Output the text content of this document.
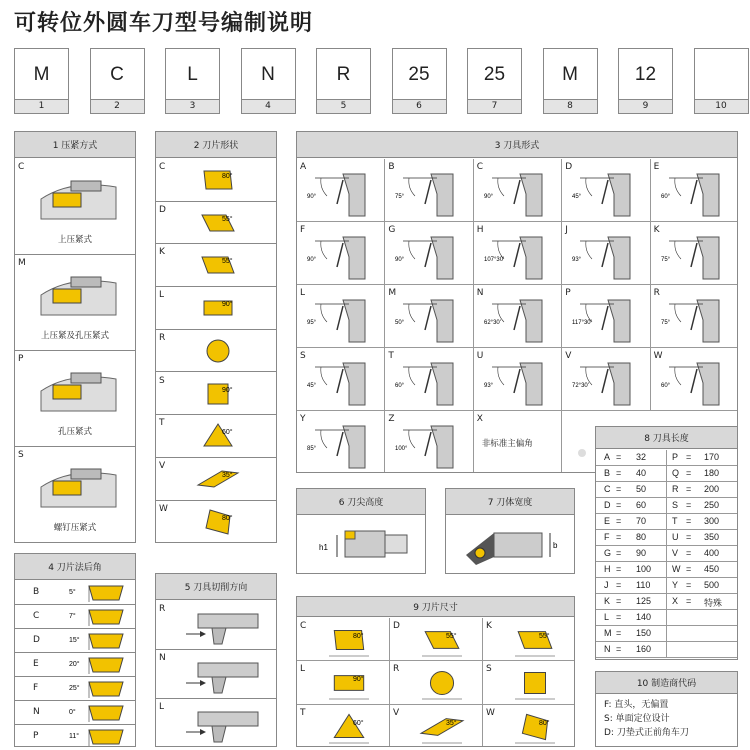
可转位外圆车刀型号编制说明
M
1
C
2
L
3
N
4
R
5
25
6
25
7
M
8
12
9	10
1 压紧方式
C
上压紧式
M
上压紧及孔压紧式
P
孔压紧式
S
螺钉压紧式
2 刀片形状
C
80°
D
55°
K
55°
L
90°
R
S
90°
T
60°
V
35°
W
80°
3 刀具形式
A
90°
B
75°
C
90°
D
45°
E
60°
F
90°
G
90°
H
107°30'
J
93°
K
75°
L
95°
M
50°
N
62°30'
P
117°30'
R
75°
S
45°
T
60°
U
93°
V
72°30'
W
60°
Y
85°
Z
100°
X
非标准主偏角
4 刀片法后角
B	5°
C	7°
D	15°
E	20°
F	25°
N	0°
P	11°
5 刀具切削方向
R
N
L
6 刀尖高度
h1
7 刀体宽度
b
8 刀具长度
A = 32	P = 170
B = 40	Q = 180
C = 50	R = 200
D = 60	S = 250
E = 70	T = 300
F = 80	U = 350
G = 90	V = 400
H = 100 W = 450
J = 110 Y = 500
K = 125 X = 特殊
L = 140
M = 150
N = 160
9 刀片尺寸
C
80°
D
55°
K
55°
L
90°
R	S
T
60°
V
35°
W
80°
10 制造商代码
F: 直头，无偏置
S: 单面定位设计
D: 刀垫式正前角车刀
